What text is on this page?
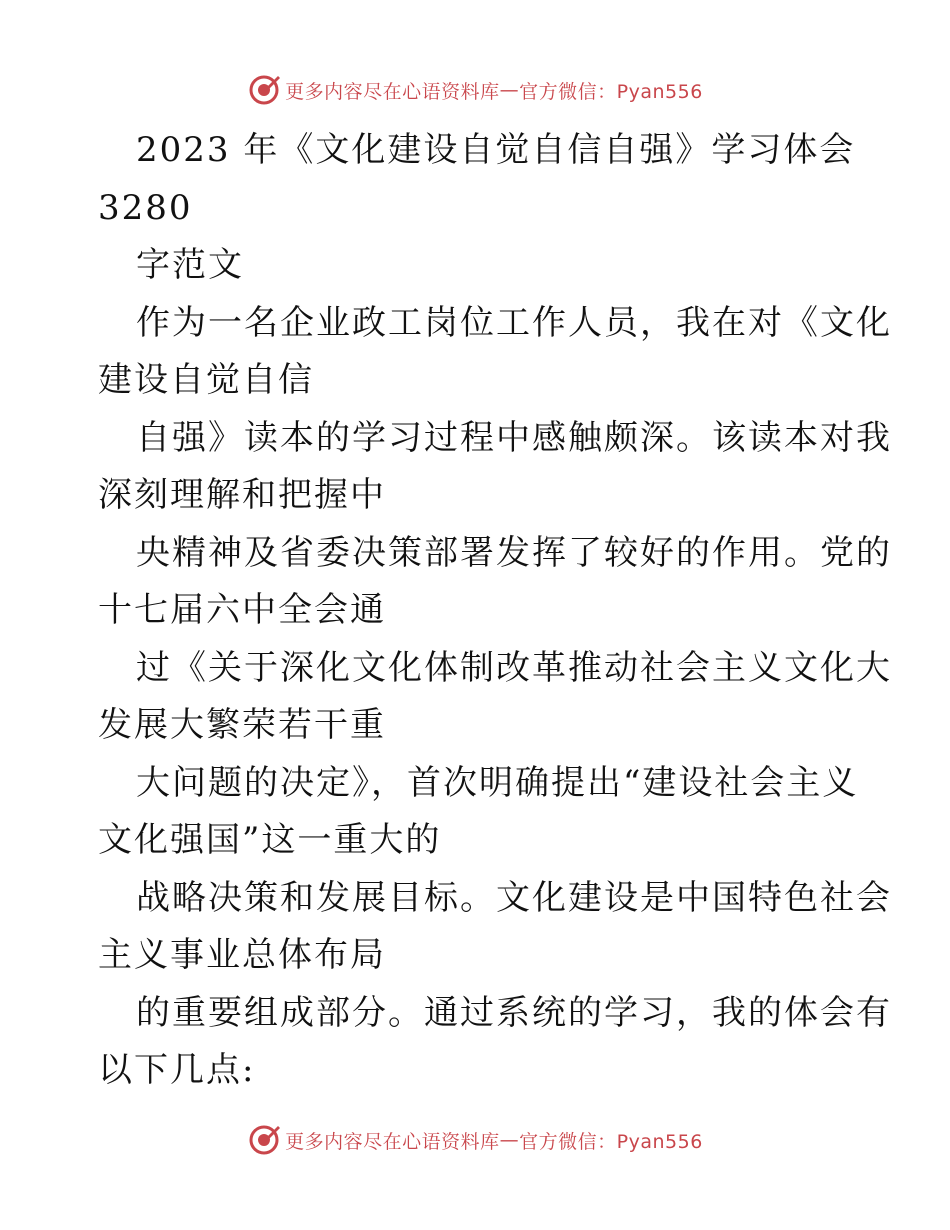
更多内容尽在心语资料库 — 官方微信：Pyan556
2023 年《文化建设自觉自信自强》学习体会
3280
字范文
作为一名企业政工岗位工作人员，我在对《文化
建设自觉自信
自强》读本的学习过程中感触颇深。该读本对我
深刻理解和把握中
央精神及省委决策部署发挥了较好的作用。党的
十七届六中全会通
过《关于深化文化体制改革推动社会主义文化大
发展大繁荣若干重
大问题的决定》，首次明确提出“建设社会主义
文化强国”这一重大的
战略决策和发展目标。文化建设是中国特色社会
主义事业总体布局
的重要组成部分。通过系统的学习，我的体会有
以下几点:
更多内容尽在心语资料库 — 官方微信：Pyan556
